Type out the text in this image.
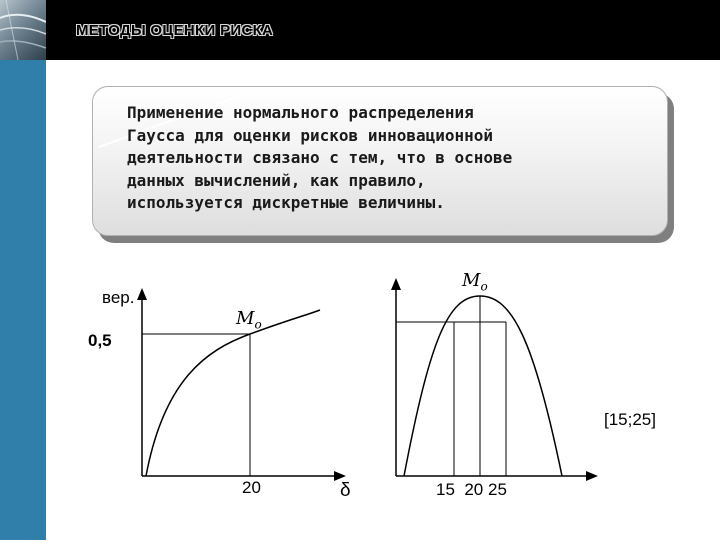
МЕТОДЫ ОЦЕНКИ РИСКА
Применение нормального распределения
Гаусса для оценки рисков инновационной
деятельности связано с тем, что в основе
данных вычислений, как правило,
используется дискретные величины.
вер.
0,5
$М_о$
20	δ
$М_о$
[15;25]
15  20 25
